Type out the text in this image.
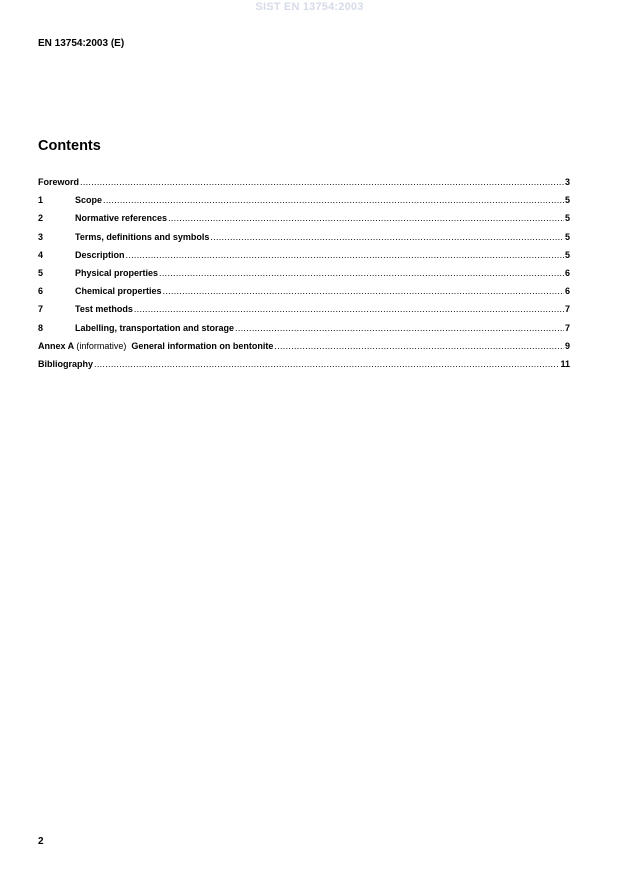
SIST EN 13754:2003
EN 13754:2003 (E)
Contents
Foreword .....	3
1	Scope .....	5
2	Normative references .....	5
3	Terms, definitions and symbols .....	5
4	Description .....	5
5	Physical properties .....	6
6	Chemical properties .....	6
7	Test methods .....	7
8	Labelling, transportation and storage .....	7
Annex A (informative) General information on bentonite .....	9
Bibliography .....	11
2
